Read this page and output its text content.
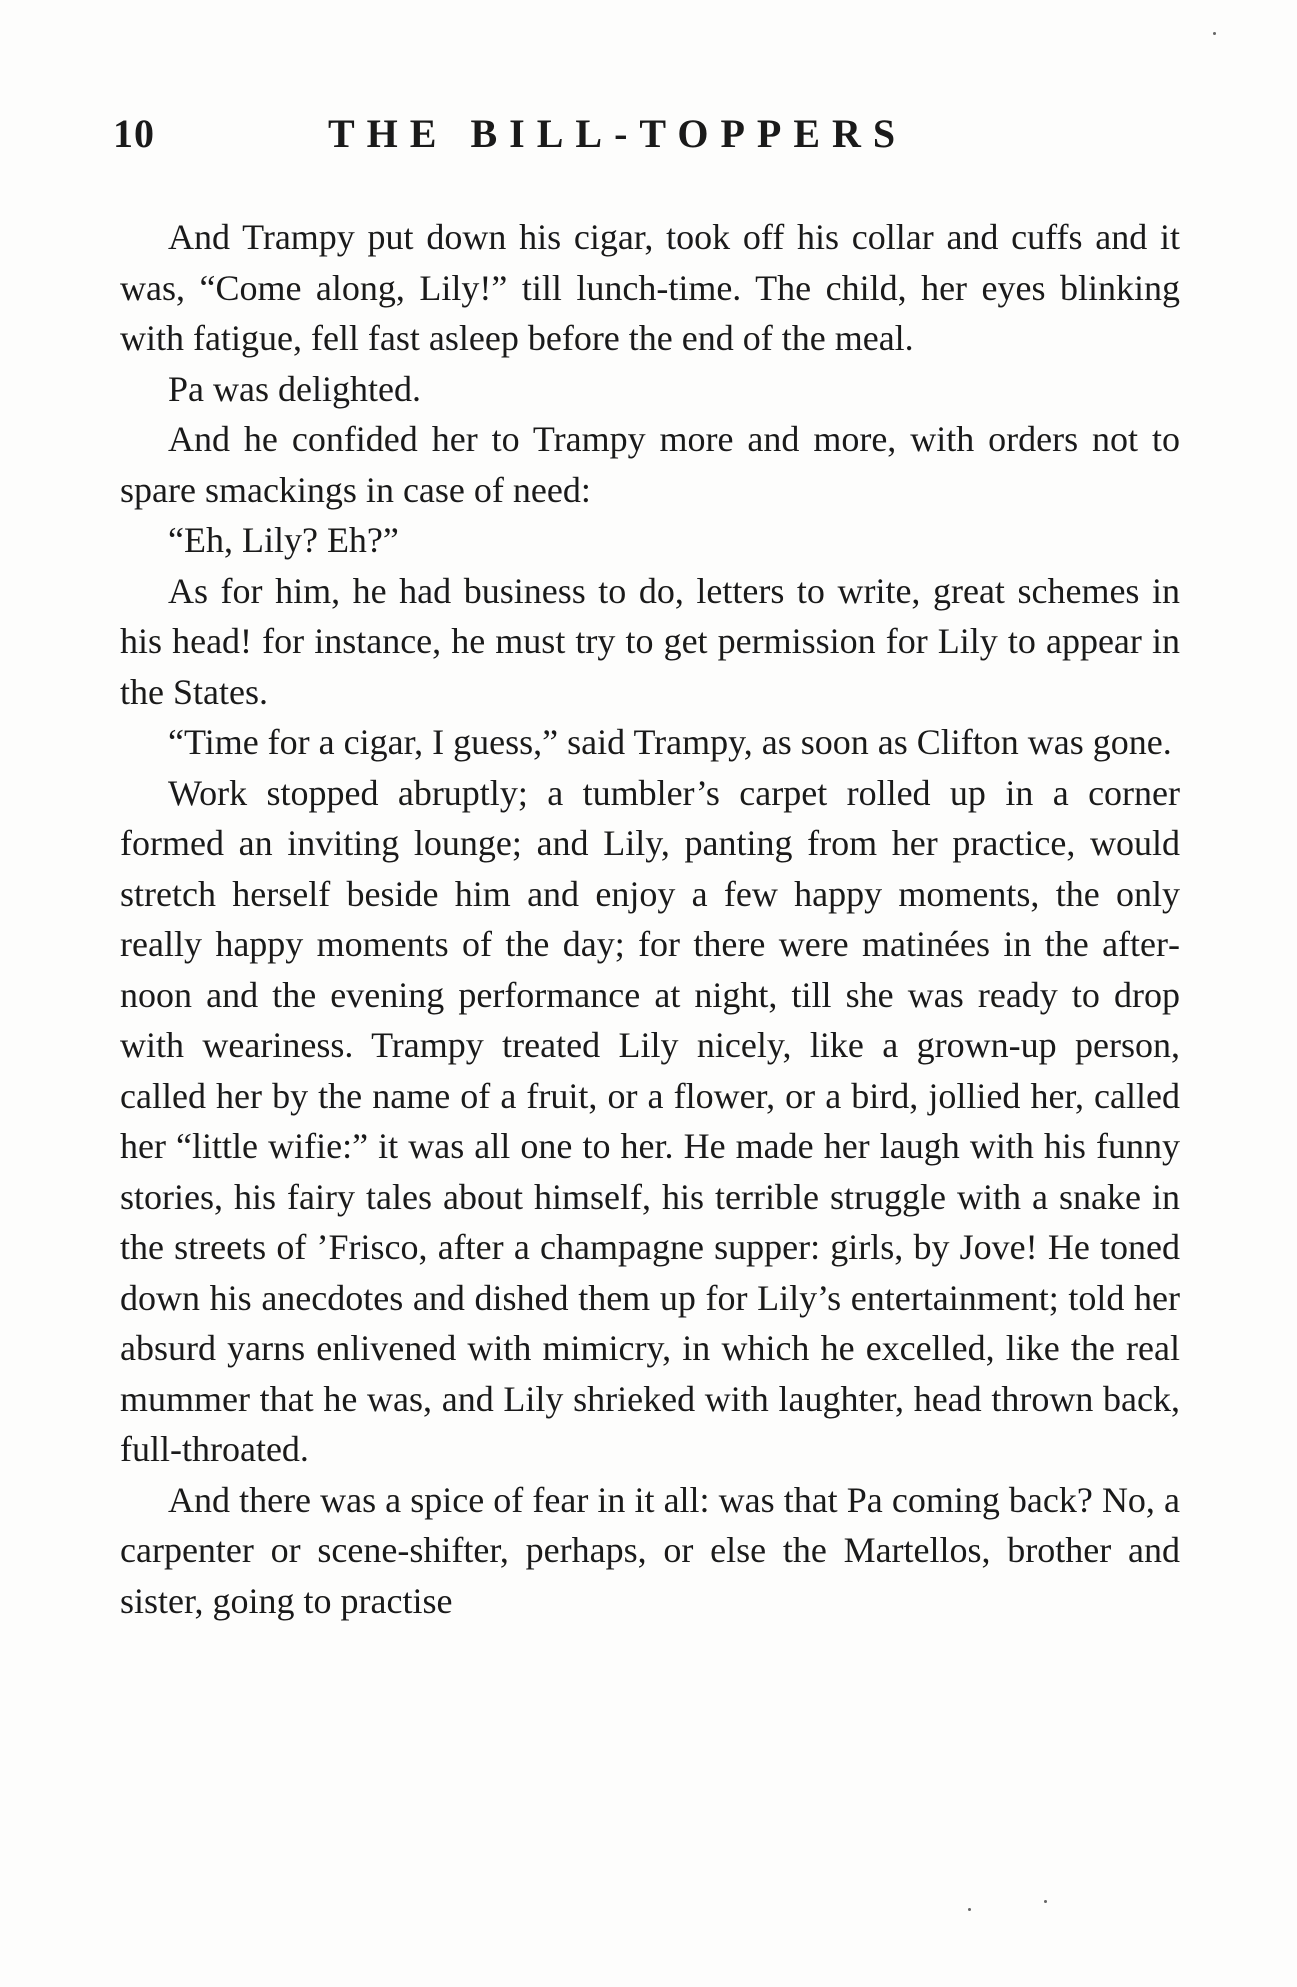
10	THE BILL-TOPPERS

And Trampy put down his cigar, took off his collar and cuffs and it was, “Come along, Lily!” till lunch-time. The child, her eyes blinking with fatigue, fell fast asleep before the end of the meal.

Pa was delighted.

And he confided her to Trampy more and more, with orders not to spare smackings in case of need:

“Eh, Lily? Eh?”

As for him, he had business to do, letters to write, great schemes in his head! for instance, he must try to get permission for Lily to appear in the States.

“Time for a cigar, I guess,” said Trampy, as soon as Clifton was gone.

Work stopped abruptly; a tumbler’s carpet rolled up in a corner formed an inviting lounge; and Lily, panting from her practice, would stretch herself beside him and enjoy a few happy moments, the only really happy moments of the day; for there were matinées in the afternoon and the evening performance at night, till she was ready to drop with weariness. Trampy treated Lily nicely, like a grown-up person, called her by the name of a fruit, or a flower, or a bird, jollied her, called her “little wifie:” it was all one to her. He made her laugh with his funny stories, his fairy tales about himself, his terrible struggle with a snake in the streets of ’Frisco, after a champagne supper: girls, by Jove! He toned down his anecdotes and dished them up for Lily’s entertainment; told her absurd yarns enlivened with mimicry, in which he excelled, like the real mummer that he was, and Lily shrieked with laughter, head thrown back, full-throated.

And there was a spice of fear in it all: was that Pa coming back? No, a carpenter or scene-shifter, perhaps, or else the Martellos, brother and sister, going to practise
